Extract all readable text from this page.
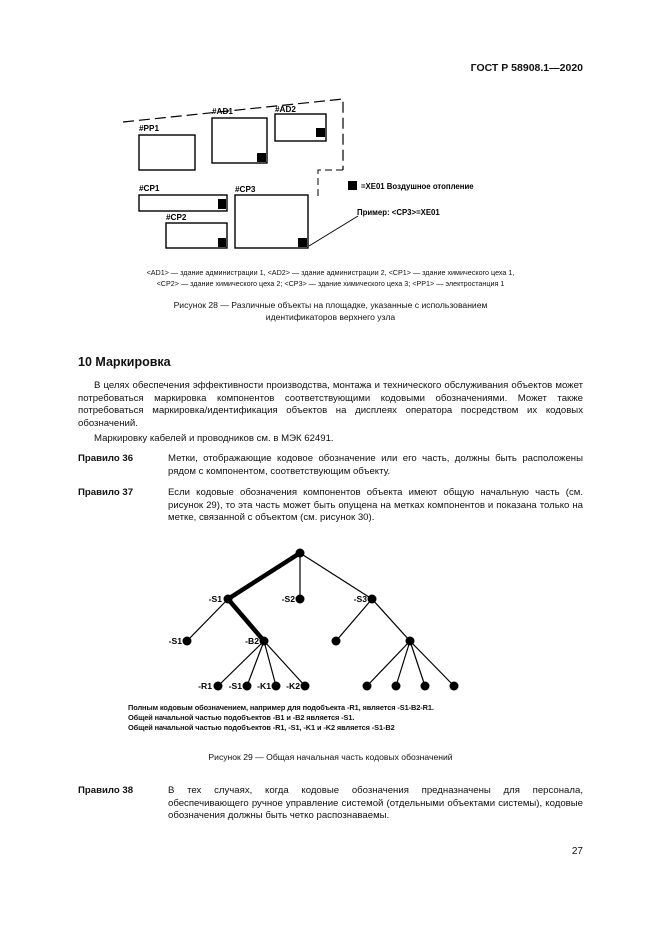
ГОСТ Р 58908.1—2020
#PP1
#AD1	#AD2
#CP1
#CP2
#CP3	=XE01 Воздушное отопление
Пример: <CP3>=XE01
-S1	-S2	-S3
-S1	-B2
-R1 -S1 -K1 -K2
<AD1> — здание администрации 1, <AD2> — здание администрации 2, <CP1> — здание химического цеха 1,
<CP2> — здание химического цеха 2; <CP3> — здание химического цеха 3; <PP1> — электростанция 1
Рисунок 28 — Различные объекты на площадке, указанные с использованием
идентификаторов верхнего узла
10 Маркировка
В целях обеспечения эффективности производства, монтажа и технического обслуживания объектов может потребоваться маркировка компонентов соответствующими кодовыми обозначениями. Может также потребоваться маркировка/идентификация объектов на дисплеях оператора посредством их кодовых обозначений.
Маркировку кабелей и проводников см. в МЭК 62491.
Правило 36	Метки, отображающие кодовое обозначение или его часть, должны быть расположены рядом с компонентом, соответствующим объекту.
Правило 37	Если кодовые обозначения компонентов объекта имеют общую начальную часть (см. рисунок 29), то эта часть может быть опущена на метках компонентов и показана только на метке, связанной с объектом (см. рисунок 30).
Полным кодовым обозначением, например для подобъекта -R1, является -S1-B2-R1.
Общей начальной частью подобъектов -B1 и -B2 является -S1.
Общей начальной частью подобъектов -R1, -S1, -K1 и -K2 является -S1-B2
Рисунок 29 — Общая начальная часть кодовых обозначений
Правило 38	В тех случаях, когда кодовые обозначения предназначены для персонала, обеспечивающего ручное управление системой (отдельными объектами системы), кодовые обозначения должны быть четко распознаваемы.
27
